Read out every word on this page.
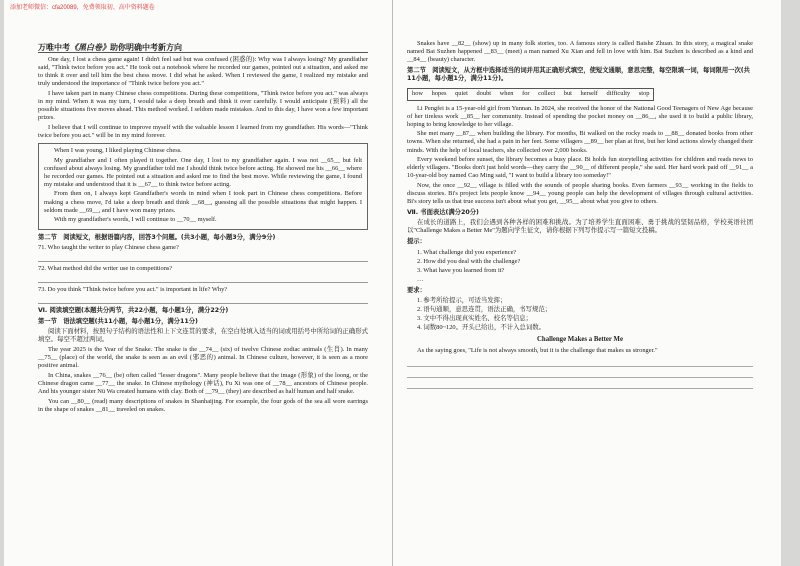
添加老师微信：cfa20089，免费领取初、高中资料题卷
万唯中考《黑白卷》助你明确中考新方向

One day, I lost a chess game again! I didn't feel sad but was confused (困惑的): Why was I always losing? My grandfather said, "Think twice before you act." He took out a notebook where he recorded our games, pointed out a situation, and asked me to think it over and tell him the best chess move. I did what he asked. When I reviewed the game, I realized my mistake and truly understood the importance of "Think twice before you act."

I have taken part in many Chinese chess competitions. During these competitions, "Think twice before you act." was always in my mind. When it was my turn, I would take a deep breath and think it over carefully. I would anticipate (预料) all the possible situations five moves ahead. This method worked. I seldom made mistakes. And to this day, I have won a few important prizes.

I believe that I will continue to improve myself with the valuable lesson I learned from my grandfather. His words—"Think twice before you act." will be in my mind forever.

When I was young, I liked playing Chinese chess.

My grandfather and I often played it together. One day, I lost to my grandfather again. I was not __65__ but felt confused about always losing. My grandfather told me I should think twice before acting. He showed me his __66__ where he recorded our games. He pointed out a situation and asked me to find the best move. While reviewing the game, I found my mistake and understood that it is __67__ to think twice before acting.

From then on, I always kept Grandfather's words in mind when I took part in Chinese chess competitions. Before making a chess move, I'd take a deep breath and think __68__, guessing all the possible situations that might happen. I seldom made __69__, and I have won many prizes.

With my grandfather's words, I will continue to __70__ myself.

第二节　阅读短文，根据语篇内容，回答3个问题。(共3小题，每小题3分，满分9分)
71. Who taught the writer to play Chinese chess game?
72. What method did the writer use in competitions?
73. Do you think "Think twice before you act." is important in life? Why?
Ⅵ. 阅读填空题(本题共分两节，共22小题，每小题1分，满分22分)
第一节　语法填空题(共11小题，每小题1分，满分11分)

阅读下面材料，按照句子结构的语法性和上下文连贯的要求，在空白处填入适当的词或用括号中所给词的正确形式填空。每空不超过两词。

The year 2025 is the Year of the Snake. The snake is the __74__ (six) of twelve Chinese zodiac animals (生肖). In many __75__ (place) of the world, the snake is seen as an evil (邪恶的) animal. In Chinese culture, however, it is seen as a more positive animal.

In China, snakes __76__ (be) often called "lesser dragons". Many people believe that the image (形象) of the loong, or the Chinese dragon came __77__ the snake. In Chinese mythology (神话), Fu Xi was one of __78__ ancestors of Chinese people. And his younger sister Nü Wa created humans with clay. Both of __79__ (they) are described as half human and half snake.

You can __80__ (read) many descriptions of snakes in Shanhaijing. For example, the four gods of the sea all wore earrings in the shape of snakes __81__ traveled on snakes.

Snakes have __82__ (show) up in many folk stories, too. A famous story is called Baishe Zhuan. In this story, a magical snake named Bai Suzhen happened __83__ (meet) a man named Xu Xian and fell in love with him. Bai Suzhen is described as a kind and __84__ (beauty) character.

第二节　阅读短文，从方框中选择适当的词并用其正确形式填空，使短文通顺，意思完整，每空限填一词，每词限用一次(共11小题，每小题1分，满分11分)。
how hopes quiet doubt when for collect but herself difficulty stop

Li Pengfei is a 15-year-old girl from Yunnan. In 2024, she received the honor of the National Good Teenagers of New Age because of her tireless work __85__ her community. Instead of spending the pocket money on __86__, she used it to build a public library, hoping to bring knowledge to her village.

She met many __87__ when building the library. For months, Bi walked on the rocky roads to __88__ donated books from other towns. When she returned, she had a pain in her feet. Some villagers __89__ her plan at first, but her kind actions slowly changed their minds. With the help of local teachers, she collected over 2,000 books.

Every weekend before sunset, the library becomes a busy place. Bi holds fun storytelling activities for children and reads news to elderly villagers. "Books don't just hold words—they carry the __90__ of different people," she said. Her hard work paid off __91__ a 10-year-old boy named Cao Ming said, "I want to build a library too someday!"

Now, the once __92__ village is filled with the sounds of people sharing books. Even farmers __93__ working in the fields to discuss stories. Bi's project lets people know __94__ young people can help the development of villages through cultural activities. Bi's story tells us that true success isn't about what you get, __95__ about what you give to others.

Ⅶ. 书面表达(满分20分)

在成长的道路上，我们会遇到各种各样的困难和挑战。为了培养学生直面困难、勇于挑战的坚韧品格，学校英语社团以"Challenge Makes a Better Me"为题向学生征文，请你根据下列写作提示写一篇短文投稿。

提示：
1. What challenge did you experience?
2. How did you deal with the challenge?
3. What have you learned from it?
…
要求：
1. 参考所给提示，可适当发挥；
2. 语句通顺，意思连贯，语法正确，书写规范；
3. 文中不得出现真实姓名、校名等信息；
4. 词数80~120。开头已给出，不计入总词数。
Challenge Makes a Better Me

As the saying goes, "Life is not always smooth, but it is the challenge that makes us stronger."
